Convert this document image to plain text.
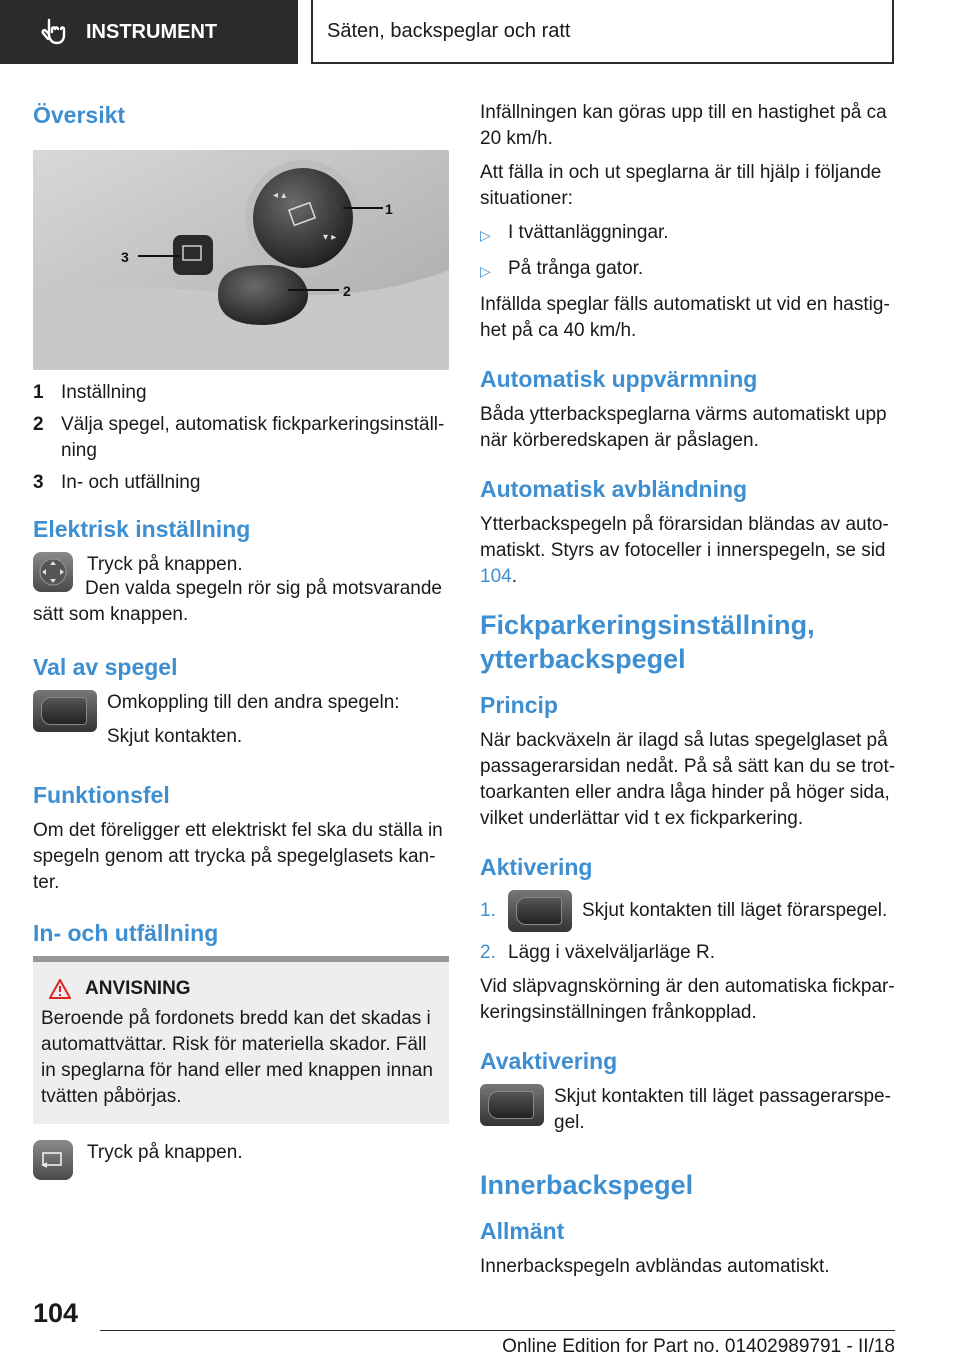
INSTRUMENT	Säten, backspeglar och ratt
Översikt
◂ ▴
▾ ▸
1
2
3
1 Inställning
2 Välja spegel, automatisk fickparkeringsinställ-ning
3 In- och utfällning
Elektrisk inställning

Tryck på knappen.

Den valda spegeln rör sig på motsvarande sätt som knappen.

Val av spegel

Omkoppling till den andra spegeln:

Skjut kontakten.

Funktionsfel

Om det föreligger ett elektriskt fel ska du ställa in spegeln genom att trycka på spegelglasets kan-ter.

In- och utfällning
ANVISNING

Beroende på fordonets bredd kan det skadas i automattvättar. Risk för materiella skador. Fäll in speglarna för hand eller med knappen innan tvätten påbörjas.

Tryck på knappen.

Infällningen kan göras upp till en hastighet på ca 20 km/h.

Att fälla in och ut speglarna är till hjälp i följande situationer:

▷ I tvättanläggningar.
▷ På trånga gator.

Infällda speglar fälls automatiskt ut vid en hastig-het på ca 40 km/h.

Automatisk uppvärmning

Båda ytterbackspeglarna värms automatiskt upp när körberedskapen är påslagen.

Automatisk avbländning

Ytterbackspegeln på förarsidan bländas av auto-matiskt. Styrs av fotoceller i innerspegeln, se sid 104.

Fickparkeringsinställning, ytterbackspegel
Princip

När backväxeln är ilagd så lutas spegelglaset på passagerarsidan nedåt. På så sätt kan du se trot-toarkanten eller andra låga hinder på höger sida, vilket underlättar vid t ex fickparkering.

Aktivering
1.	Skjut kontakten till läget förarspegel.
2. Lägg i växelväljarläge R.

Vid släpvagnskörning är den automatiska fickpar-keringsinställningen frånkopplad.

Avaktivering

Skjut kontakten till läget passagerarspe-gel.

Innerbackspegel
Allmänt

Innerbackspegeln avbländas automatiskt.

104
Online Edition for Part no. 01402989791 - II/18
